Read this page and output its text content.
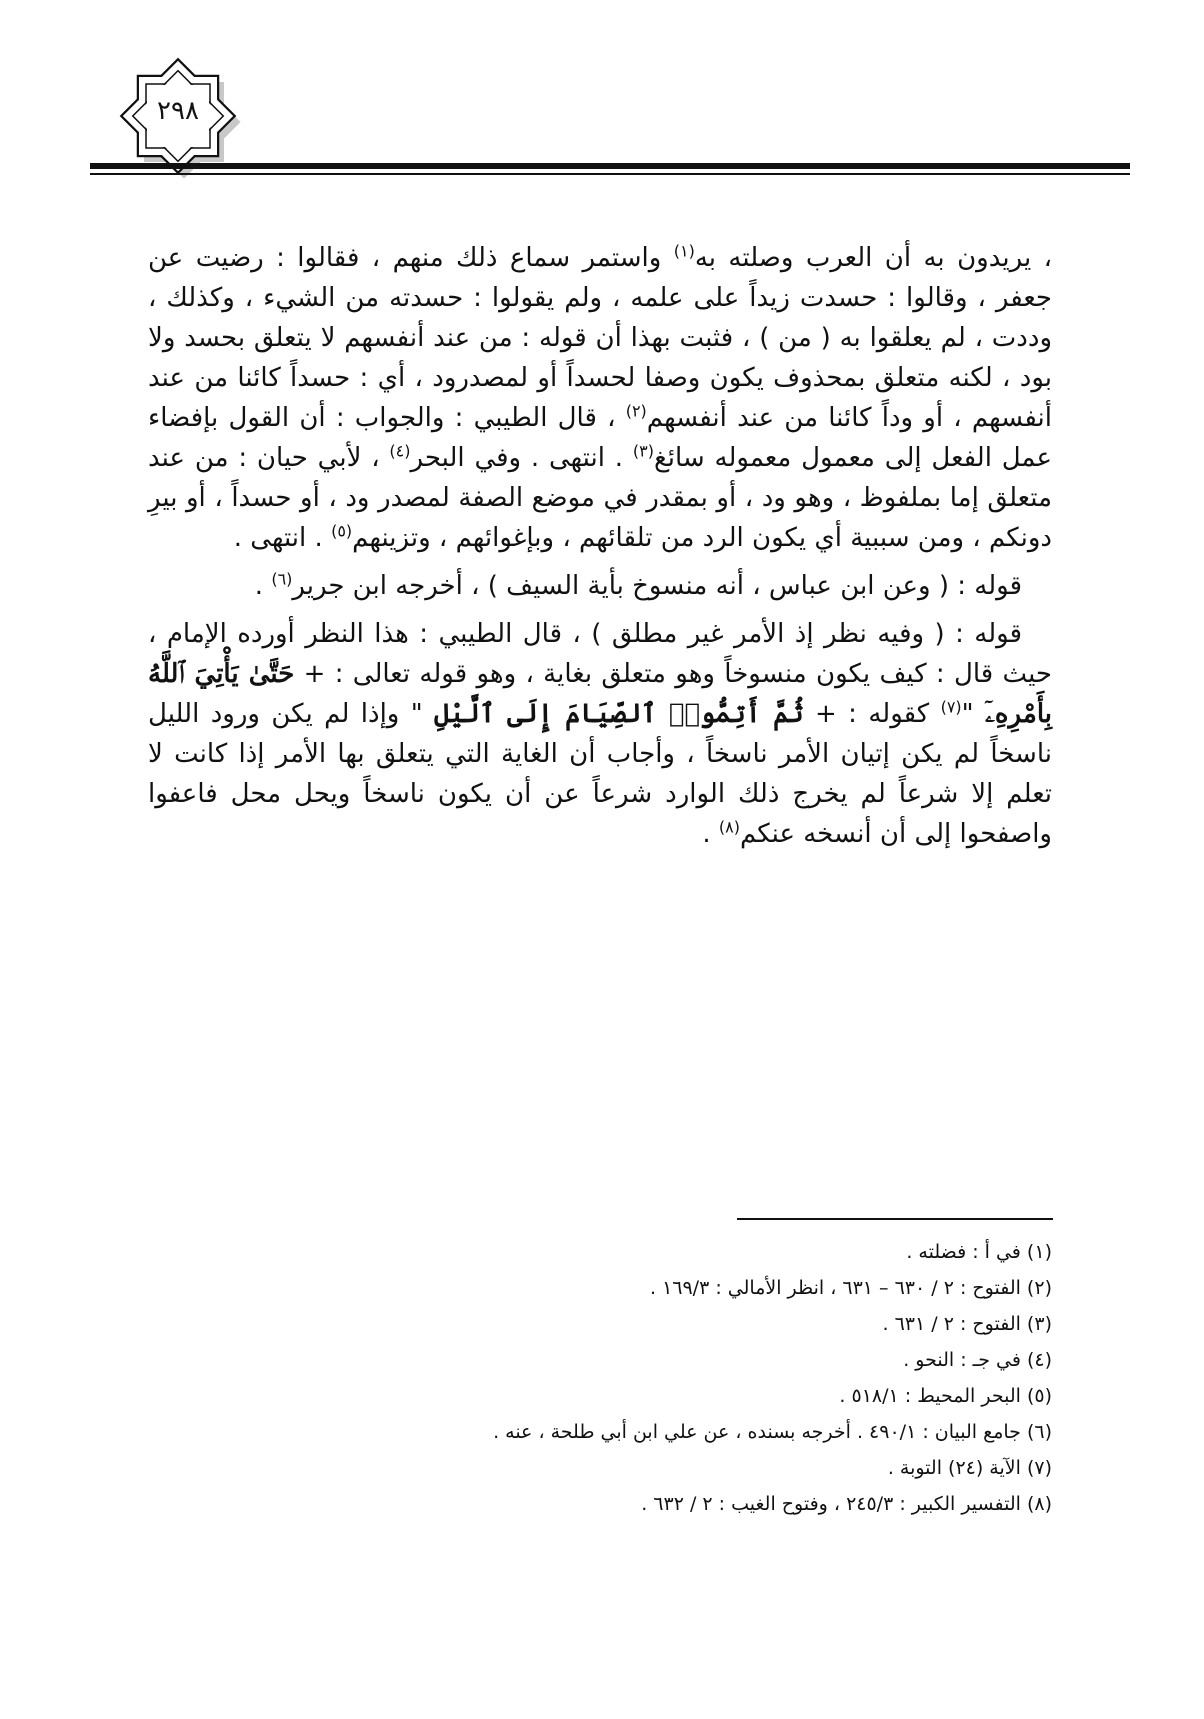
٢٩٨

، يريدون به أن العرب وصلته به$^{(١)}$ واستمر سماع ذلك منهم ، فقالوا : رضيت عن جعفر ، وقالوا : حسدت زيداً على علمه ، ولم يقولوا : حسدته من الشيء ، وكذلك ، وددت ، لم يعلقوا به ( من ) ، فثبت بهذا أن قوله : من عند أنفسهم لا يتعلق بحسد ولا بود ، لكنه متعلق بمحذوف يكون وصفا لحسداً أو لمصدرود ، أي : حسداً كائنا من عند أنفسهم ، أو وداً كائنا من عند أنفسهم$^{(٢)}$ ، قال الطيبي : والجواب : أن القول بإفضاء عمل الفعل إلى معمول معموله سائغ$^{(٣)}$ . انتهى . وفي البحر$^{(٤)}$ ، لأبي حيان : من عند متعلق إما بملفوظ ، وهو ود ، أو بمقدر في موضع الصفة لمصدر ود ، أو حسداً ، أو بيرِ دونكم ، ومن سببية أي يكون الرد من تلقائهم ، وبإغوائهم ، وتزينهم$^{(٥)}$ . انتهى .

قوله : ( وعن ابن عباس ، أنه منسوخ بأية السيف ) ، أخرجه ابن جرير$^{(٦)}$ .

قوله : ( وفيه نظر إذ الأمر غير مطلق ) ، قال الطيبي : هذا النظر أورده الإمام ، حيث قال : كيف يكون منسوخاً وهو متعلق بغاية ، وهو قوله تعالى : + حَتَّىٰ يَأْتِيَ ٱللَّهُ بِأَمْرِهِۦٓ "$^{(٧)}$ كقوله : + ثُمَّ أَتِمُّوا۟ ٱلصِّيَامَ إِلَى ٱلَّيْلِ " وإذا لم يكن ورود الليل ناسخاً لم يكن إتيان الأمر ناسخاً ، وأجاب أن الغاية التي يتعلق بها الأمر إذا كانت لا تعلم إلا شرعاً لم يخرج ذلك الوارد شرعاً عن أن يكون ناسخاً ويحل محل فاعفوا واصفحوا إلى أن أنسخه عنكم$^{(٨)}$ .

(١) في أ : فضلته .

(٢) الفتوح : ٢ / ٦٣٠ – ٦٣١ ، انظر الأمالي : ١٦٩/٣ .

(٣) الفتوح : ٢ / ٦٣١ .

(٤) في جـ : النحو .

(٥) البحر المحيط : ٥١٨/١ .

(٦) جامع البيان : ٤٩٠/١ . أخرجه بسنده ، عن علي ابن أبي طلحة ، عنه .

(٧) الآية (٢٤) التوبة .

(٨) التفسير الكبير : ٢٤٥/٣ ، وفتوح الغيب : ٢ / ٦٣٢ .
